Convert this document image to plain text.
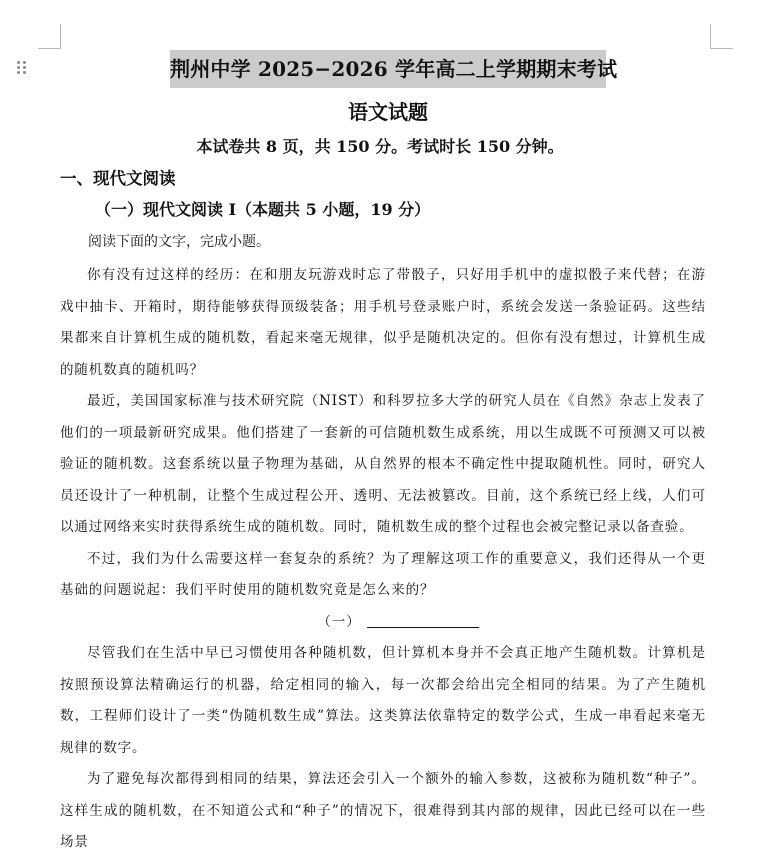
荆州中学 2025−2026 学年高二上学期期末考试
语文试题
本试卷共 8 页，共 150 分。考试时长 150 分钟。
一、现代文阅读
（一）现代文阅读 I（本题共 5 小题，19 分）
阅读下面的文字，完成小题。

你有没有过这样的经历：在和朋友玩游戏时忘了带骰子，只好用手机中的虚拟骰子来代替；在游戏中抽卡、开箱时，期待能够获得顶级装备；用手机号登录账户时，系统会发送一条验证码。这些结果都来自计算机生成的随机数，看起来毫无规律，似乎是随机决定的。但你有没有想过，计算机生成的随机数真的随机吗？

最近，美国国家标准与技术研究院（NIST）和科罗拉多大学的研究人员在《自然》杂志上发表了他们的一项最新研究成果。他们搭建了一套新的可信随机数生成系统，用以生成既不可预测又可以被验证的随机数。这套系统以量子物理为基础，从自然界的根本不确定性中提取随机性。同时，研究人员还设计了一种机制，让整个生成过程公开、透明、无法被篡改。目前，这个系统已经上线，人们可以通过网络来实时获得系统生成的随机数。同时，随机数生成的整个过程也会被完整记录以备查验。

不过，我们为什么需要这样一套复杂的系统？为了理解这项工作的重要意义，我们还得从一个更基础的问题说起：我们平时使用的随机数究竟是怎么来的？

（一）

尽管我们在生活中早已习惯使用各种随机数，但计算机本身并不会真正地产生随机数。计算机是按照预设算法精确运行的机器，给定相同的输入，每一次都会给出完全相同的结果。为了产生随机数，工程师们设计了一类“伪随机数生成”算法。这类算法依靠特定的数学公式，生成一串看起来毫无规律的数字。

为了避免每次都得到相同的结果，算法还会引入一个额外的输入参数，这被称为随机数“种子”。这样生成的随机数，在不知道公式和“种子”的情况下，很难得到其内部的规律，因此已经可以在一些场景
